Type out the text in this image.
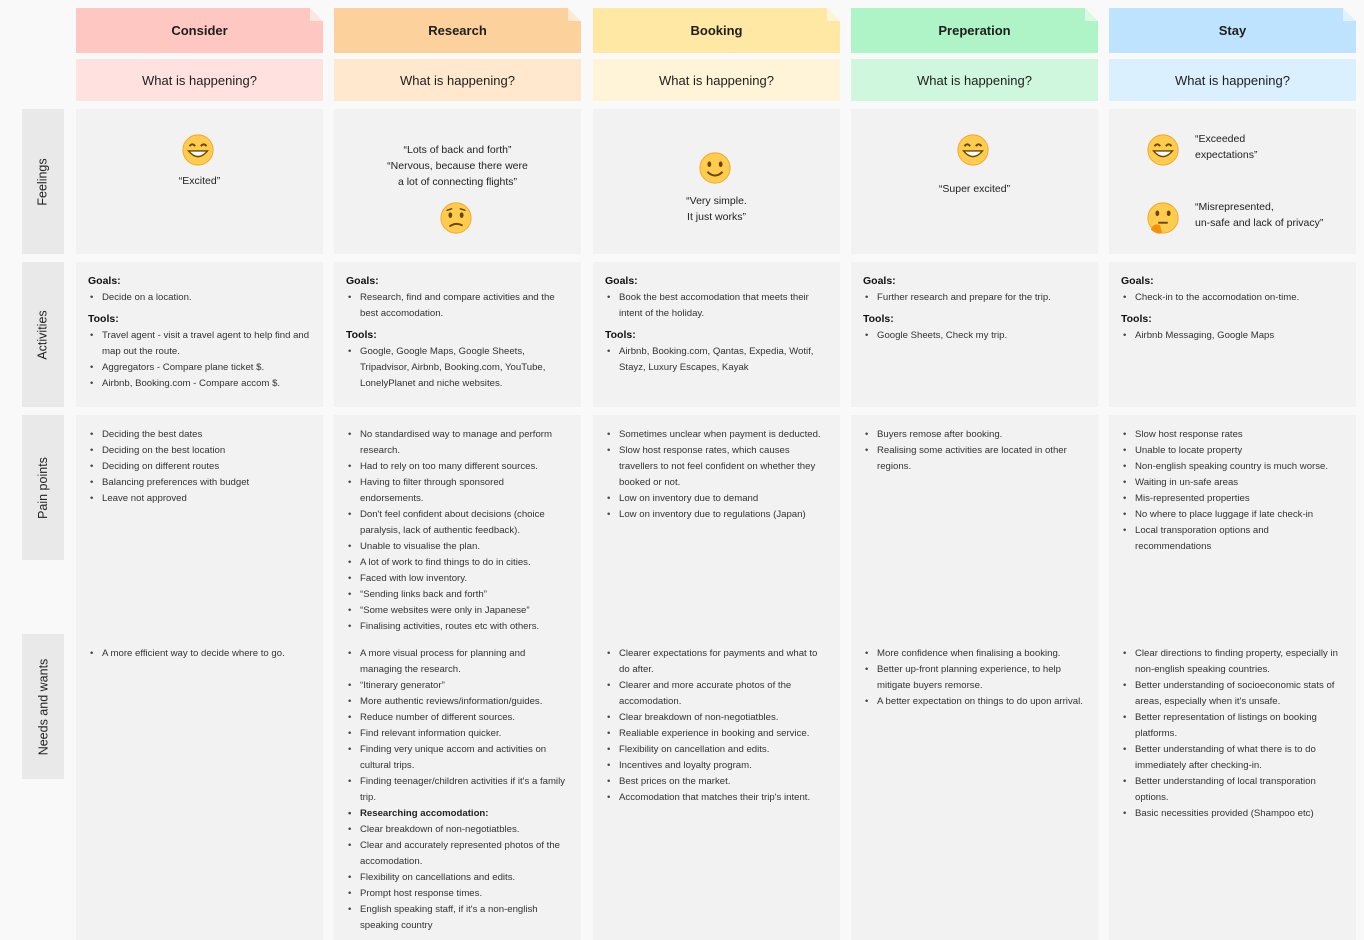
Consider
What is happening?
Research
What is happening?
Booking
What is happening?
Preperation
What is happening?
Stay
What is happening?
Feelings
Activities
Pain points
Needs and wants
“Excited”
“Lots of back and forth”
“Nervous, because there were
a lot of connecting flights”
“Very simple.
It just works”
“Super excited”
“Exceeded
expectations”
“Misrepresented,
un-safe and lack of privacy”
Goals:
• Decide on a location.
Tools:
• Travel agent - visit a travel agent to help find and map out the route.
• Aggregators - Compare plane ticket $.
• Airbnb, Booking.com - Compare accom $.
• Deciding the best dates
• Deciding on the best location
• Deciding on different routes
• Balancing preferences with budget
• Leave not approved
• A more efficient way to decide where to go.
Goals:
• Research, find and compare activities and the best accomodation.
Tools:
• Google, Google Maps, Google Sheets, Tripadvisor, Airbnb, Booking.com, YouTube, LonelyPlanet and niche websites.
• No standardised way to manage and perform research.
• Had to rely on too many different sources.
• Having to filter through sponsored endorsements.
• Don't feel confident about decisions (choice paralysis, lack of authentic feedback).
• Unable to visualise the plan.
• A lot of work to find things to do in cities.
• Faced with low inventory.
• “Sending links back and forth”
• “Some websites were only in Japanese”
• Finalising activities, routes etc with others.
• A more visual process for planning and managing the research.
• “Itinerary generator”
• More authentic reviews/information/guides.
• Reduce number of different sources.
• Find relevant information quicker.
• Finding very unique accom and activities on cultural trips.
• Finding teenager/children activities if it's a family trip.
• Researching accomodation:
• Clear breakdown of non-negotiatbles.
• Clear and accurately represented photos of the accomodation.
• Flexibility on cancellations and edits.
• Prompt host response times.
• English speaking staff, if it's a non-english speaking country
Goals:
• Book the best accomodation that meets their intent of the holiday.
Tools:
• Airbnb, Booking.com, Qantas, Expedia, Wotif, Stayz, Luxury Escapes, Kayak
• Sometimes unclear when payment is deducted.
• Slow host response rates, which causes travellers to not feel confident on whether they booked or not.
• Low on inventory due to demand
• Low on inventory due to regulations (Japan)
• Clearer expectations for payments and what to do after.
• Clearer and more accurate photos of the accomodation.
• Clear breakdown of non-negotiatbles.
• Realiable experience in booking and service.
• Flexibility on cancellation and edits.
• Incentives and loyalty program.
• Best prices on the market.
• Accomodation that matches their trip's intent.
Goals:
• Further research and prepare for the trip.
Tools:
• Google Sheets, Check my trip.
• Buyers remose after booking.
• Realising some activities are located in other regions.
• More confidence when finalising a booking.
• Better up-front planning experience, to help mitigate buyers remorse.
• A better expectation on things to do upon arrival.
Goals:
• Check-in to the accomodation on-time.
Tools:
• Airbnb Messaging, Google Maps
• Slow host response rates
• Unable to locate property
• Non-english speaking country is much worse.
• Waiting in un-safe areas
• Mis-represented properties
• No where to place luggage if late check-in
• Local transporation options and recommendations
• Clear directions to finding property, especially in non-english speaking countries.
• Better understanding of socioeconomic stats of areas, especially when it's unsafe.
• Better representation of listings on booking platforms.
• Better understanding of what there is to do immediately after checking-in.
• Better understanding of local transporation options.
• Basic necessities provided (Shampoo etc)
